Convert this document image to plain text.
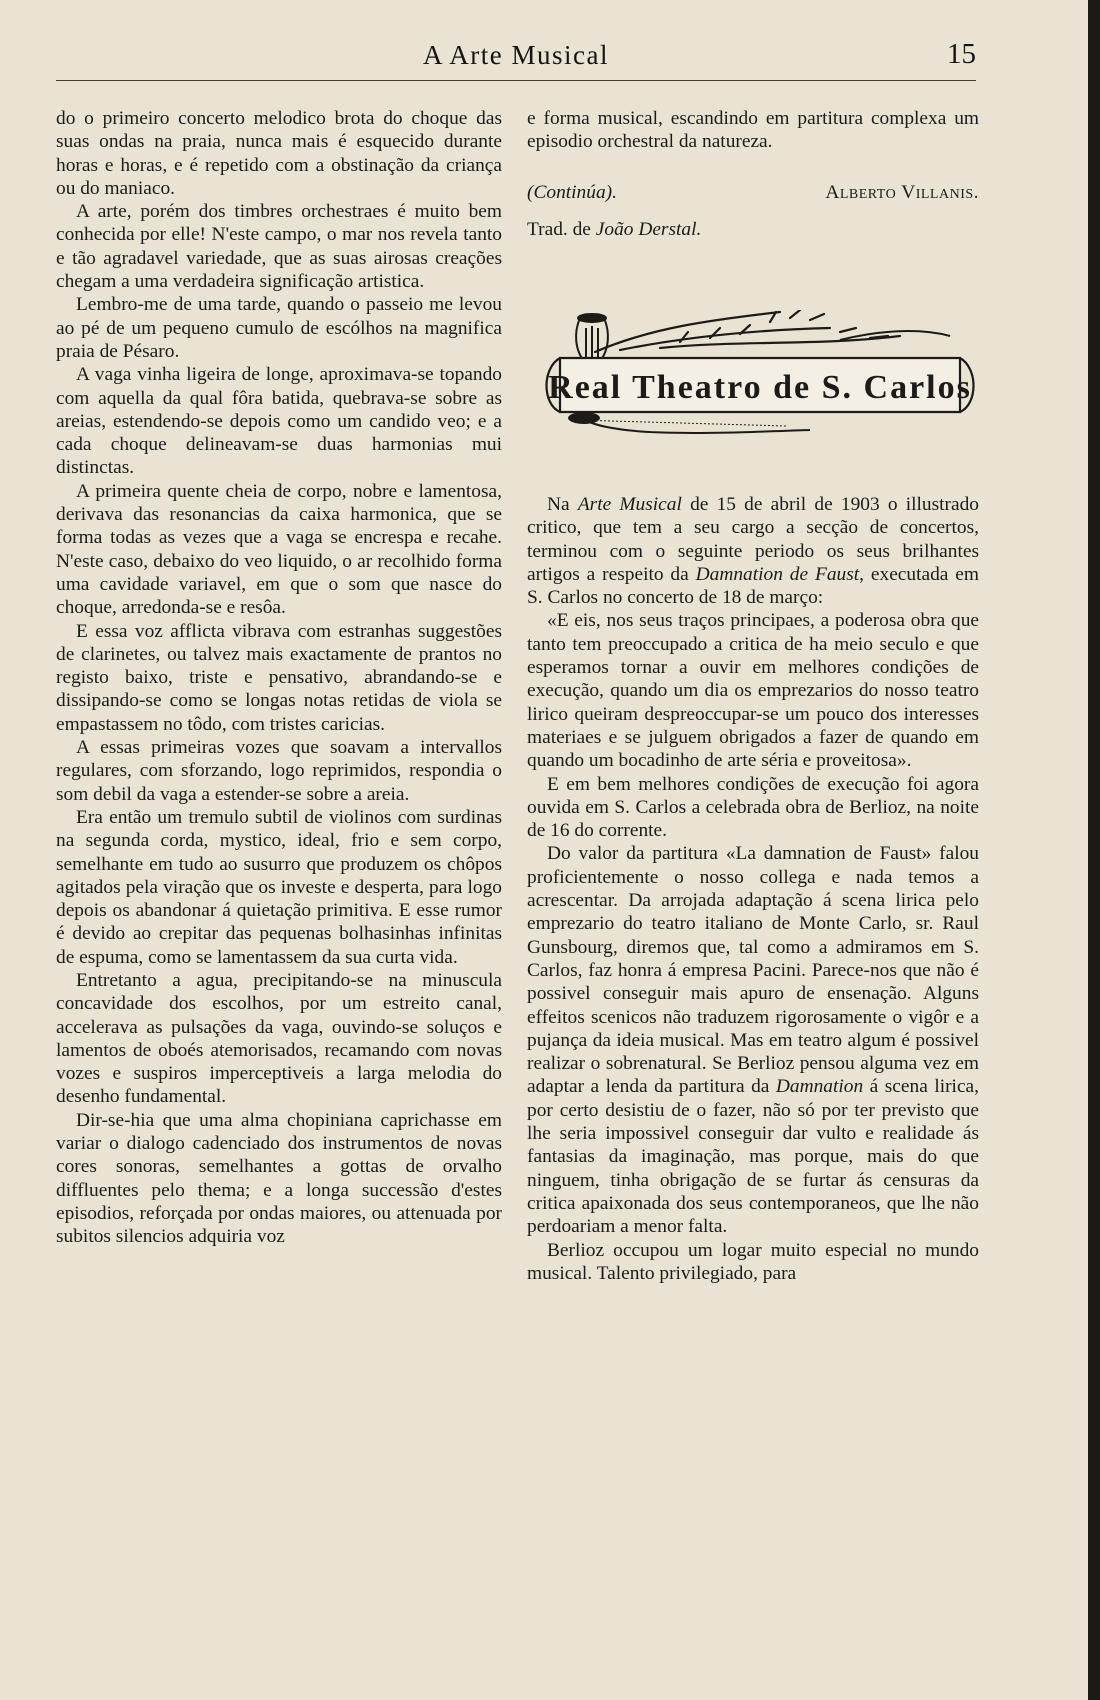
A Arte Musical	15

do o primeiro concerto melodico brota do choque das suas ondas na praia, nunca mais é esquecido durante horas e horas, e é repetido com a obstinação da criança ou do maniaco.

A arte, porém dos timbres orchestraes é muito bem conhecida por elle! N'este campo, o mar nos revela tanto e tão agradavel variedade, que as suas airosas creações chegam a uma verdadeira significação artistica.

Lembro-me de uma tarde, quando o passeio me levou ao pé de um pequeno cumulo de escólhos na magnifica praia de Pésaro.

A vaga vinha ligeira de longe, aproximava-se topando com aquella da qual fôra batida, quebrava-se sobre as areias, estendendo-se depois como um candido veo; e a cada choque delineavam-se duas harmonias mui distinctas.

A primeira quente cheia de corpo, nobre e lamentosa, derivava das resonancias da caixa harmonica, que se forma todas as vezes que a vaga se encrespa e recahe. N'este caso, debaixo do veo liquido, o ar recolhido forma uma cavidade variavel, em que o som que nasce do choque, arredonda-se e resôa.

E essa voz afflicta vibrava com estranhas suggestões de clarinetes, ou talvez mais exactamente de prantos no registo baixo, triste e pensativo, abrandando-se e dissipando-se como se longas notas retidas de viola se empastassem no tôdo, com tristes caricias.

A essas primeiras vozes que soavam a intervallos regulares, com sforzando, logo reprimidos, respondia o som debil da vaga a estender-se sobre a areia.

Era então um tremulo subtil de violinos com surdinas na segunda corda, mystico, ideal, frio e sem corpo, semelhante em tudo ao susurro que produzem os chôpos agitados pela viração que os investe e desperta, para logo depois os abandonar á quietação primitiva. E esse rumor é devido ao crepitar das pequenas bolhasinhas infinitas de espuma, como se lamentassem da sua curta vida.

Entretanto a agua, precipitando-se na minuscula concavidade dos escolhos, por um estreito canal, accelerava as pulsações da vaga, ouvindo-se soluços e lamentos de oboés atemorisados, recamando com novas vozes e suspiros imperceptiveis a larga melodia do desenho fundamental.

Dir-se-hia que uma alma chopiniana caprichasse em variar o dialogo cadenciado dos instrumentos de novas cores sonoras, semelhantes a gottas de orvalho diffluentes pelo thema; e a longa successão d'estes episodios, reforçada por ondas maiores, ou attenuada por subitos silencios adquiria voz

e forma musical, escandindo em partitura complexa um episodio orchestral da natureza.

(Continúa).	Alberto Villanis.

Trad. de João Derstal.

Real Theatro de S. Carlos

Na Arte Musical de 15 de abril de 1903 o illustrado critico, que tem a seu cargo a secção de concertos, terminou com o seguinte periodo os seus brilhantes artigos a respeito da Damnation de Faust, executada em S. Carlos no concerto de 18 de março:

«E eis, nos seus traços principaes, a poderosa obra que tanto tem preoccupado a critica de ha meio seculo e que esperamos tornar a ouvir em melhores condições de execução, quando um dia os emprezarios do nosso teatro lirico queiram despreoccupar-se um pouco dos interesses materiaes e se julguem obrigados a fazer de quando em quando um bocadinho de arte séria e proveitosa».

E em bem melhores condições de execução foi agora ouvida em S. Carlos a celebrada obra de Berlioz, na noite de 16 do corrente.

Do valor da partitura «La damnation de Faust» falou proficientemente o nosso collega e nada temos a acrescentar. Da arrojada adaptação á scena lirica pelo emprezario do teatro italiano de Monte Carlo, sr. Raul Gunsbourg, diremos que, tal como a admiramos em S. Carlos, faz honra á empresa Pacini. Parece-nos que não é possivel conseguir mais apuro de ensenação. Alguns effeitos scenicos não traduzem rigorosamente o vigôr e a pujança da ideia musical. Mas em teatro algum é possivel realizar o sobrenatural. Se Berlioz pensou alguma vez em adaptar a lenda da partitura da Damnation á scena lirica, por certo desistiu de o fazer, não só por ter previsto que lhe seria impossivel conseguir dar vulto e realidade ás fantasias da imaginação, mas porque, mais do que ninguem, tinha obrigação de se furtar ás censuras da critica apaixonada dos seus contemporaneos, que lhe não perdoariam a menor falta.

Berlioz occupou um logar muito especial no mundo musical. Talento privilegiado, para
